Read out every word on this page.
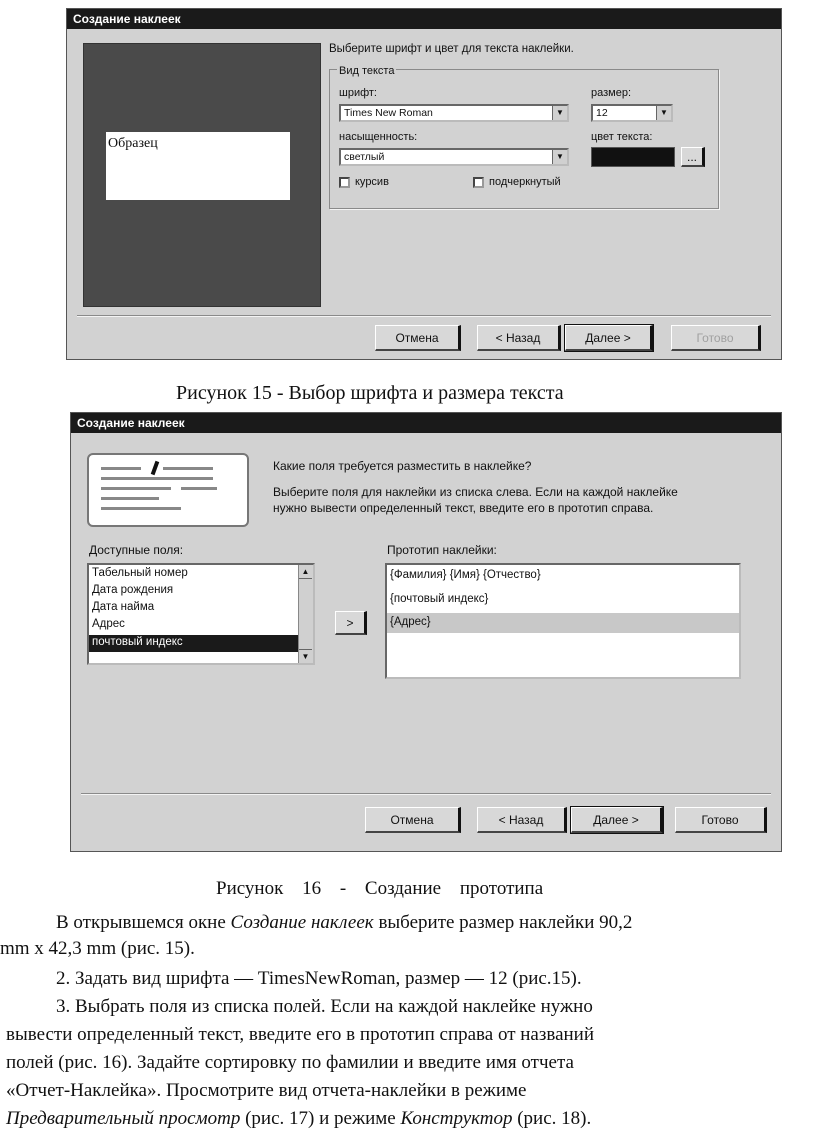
Создание наклеек
Образец
Выберите шрифт и цвет для текста наклейки.
Вид текста
шрифт:
Times New Roman	▼
размер:
12	▼
насыщенность:
светлый	▼
цвет текста:
...
курсив	подчеркнутый
Отмена	< Назад	Далее >	Готово
Рисунок 15 - Выбор шрифта и размера текста
Создание наклеек
Какие поля требуется разместить в наклейке?
Выберите поля для наклейки из списка слева. Если на каждой наклейке
нужно вывести определенный текст, введите его в прототип справа.
Доступные поля:
Табельный номер
Дата рождения
Дата найма
Адрес
почтовый индекс
▲
▼
>
Прототип наклейки:
{Фамилия} {Имя} {Отчество}
{почтовый индекс}
{Адрес}
Отмена	< Назад	Далее >	Готово
Рисунок 16 - Создание прототипа
В открывшемся окне Создание наклеек выберите размер наклейки 90,2
mm x 42,3 mm (рис. 15).
2. Задать вид шрифта — TimesNewRoman, размер — 12 (рис.15).
3. Выбрать поля из списка полей. Если на каждой наклейке нужно
вывести определенный текст, введите его в прототип справа от названий
полей (рис. 16). Задайте сортировку по фамилии и введите имя отчета
«Отчет-Наклейка». Просмотрите вид отчета-наклейки в режиме
Предварительный просмотр (рис. 17) и режиме Конструктор (рис. 18).
